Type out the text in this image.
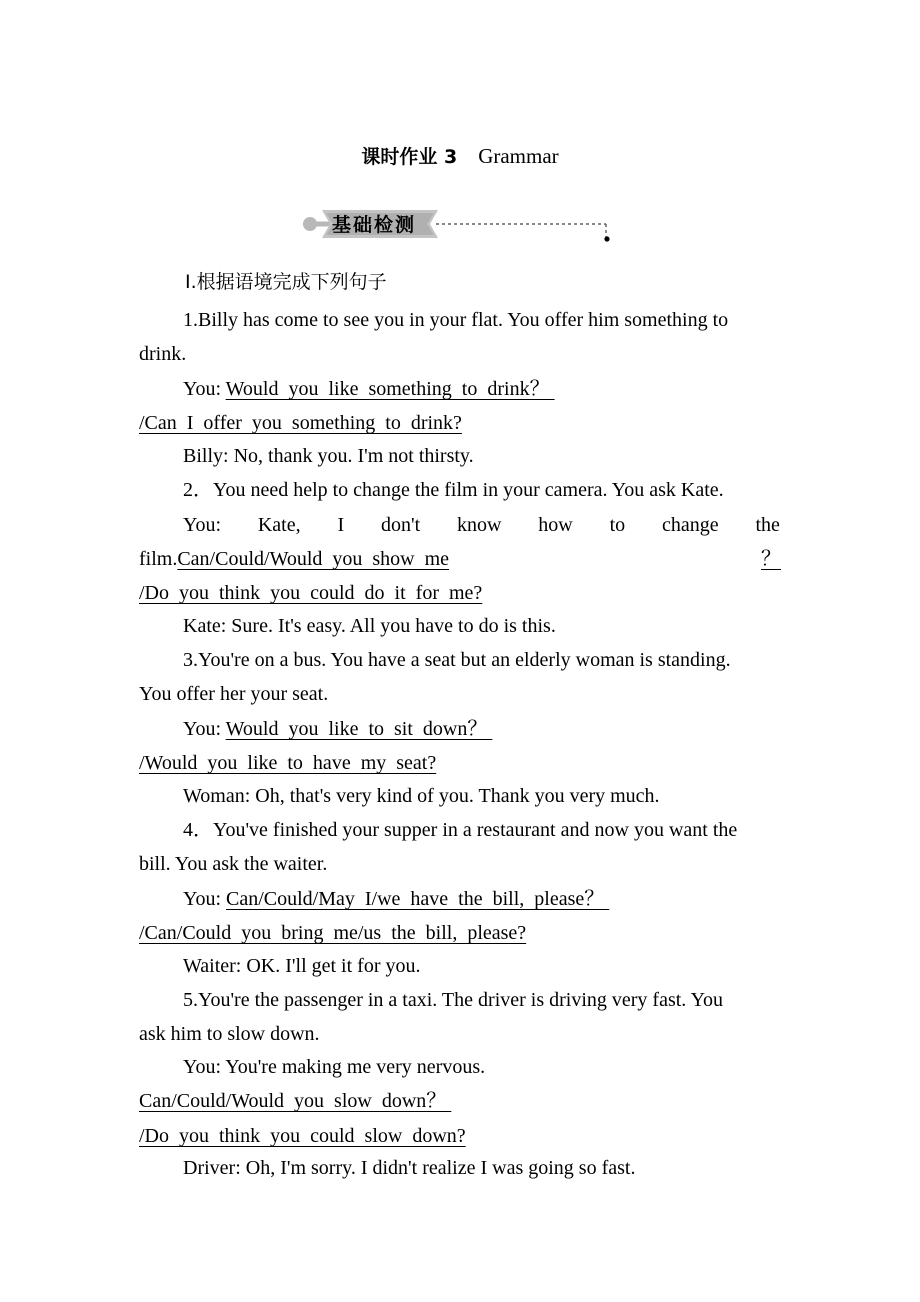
课时作业 3 Grammar
基础检测
Ⅰ.根据语境完成下列句子
1.Billy has come to see you in your flat. You offer him something to
drink.
You: Would  you  like  something  to  drink？
/Can  I  offer  you  something  to  drink?
Billy: No, thank you. I'm not thirsty.
2．You need help to change the film in your camera. You ask Kate.
You: Kate, I don't know how to change the
film. Can/Could/Would  you  show  me	？
/Do  you  think  you  could  do  it  for  me?
Kate: Sure. It's easy. All you have to do is this.
3.You're on a bus. You have a seat but an elderly woman is standing.
You offer her your seat.
You: Would  you  like  to  sit  down？
/Would  you  like  to  have  my  seat?
Woman: Oh, that's very kind of you. Thank you very much.
4．You've finished your supper in a restaurant and now you want the
bill. You ask the waiter.
You: Can/Could/May  I/we  have  the  bill,  please？
/Can/Could  you  bring  me/us  the  bill,  please?
Waiter: OK. I'll get it for you.
5.You're the passenger in a taxi. The driver is driving very fast. You
ask him to slow down.
You: You're making me very nervous.
Can/Could/Would  you  slow  down？
/Do  you  think  you  could  slow  down?
Driver: Oh, I'm sorry. I didn't realize I was going so fast.
